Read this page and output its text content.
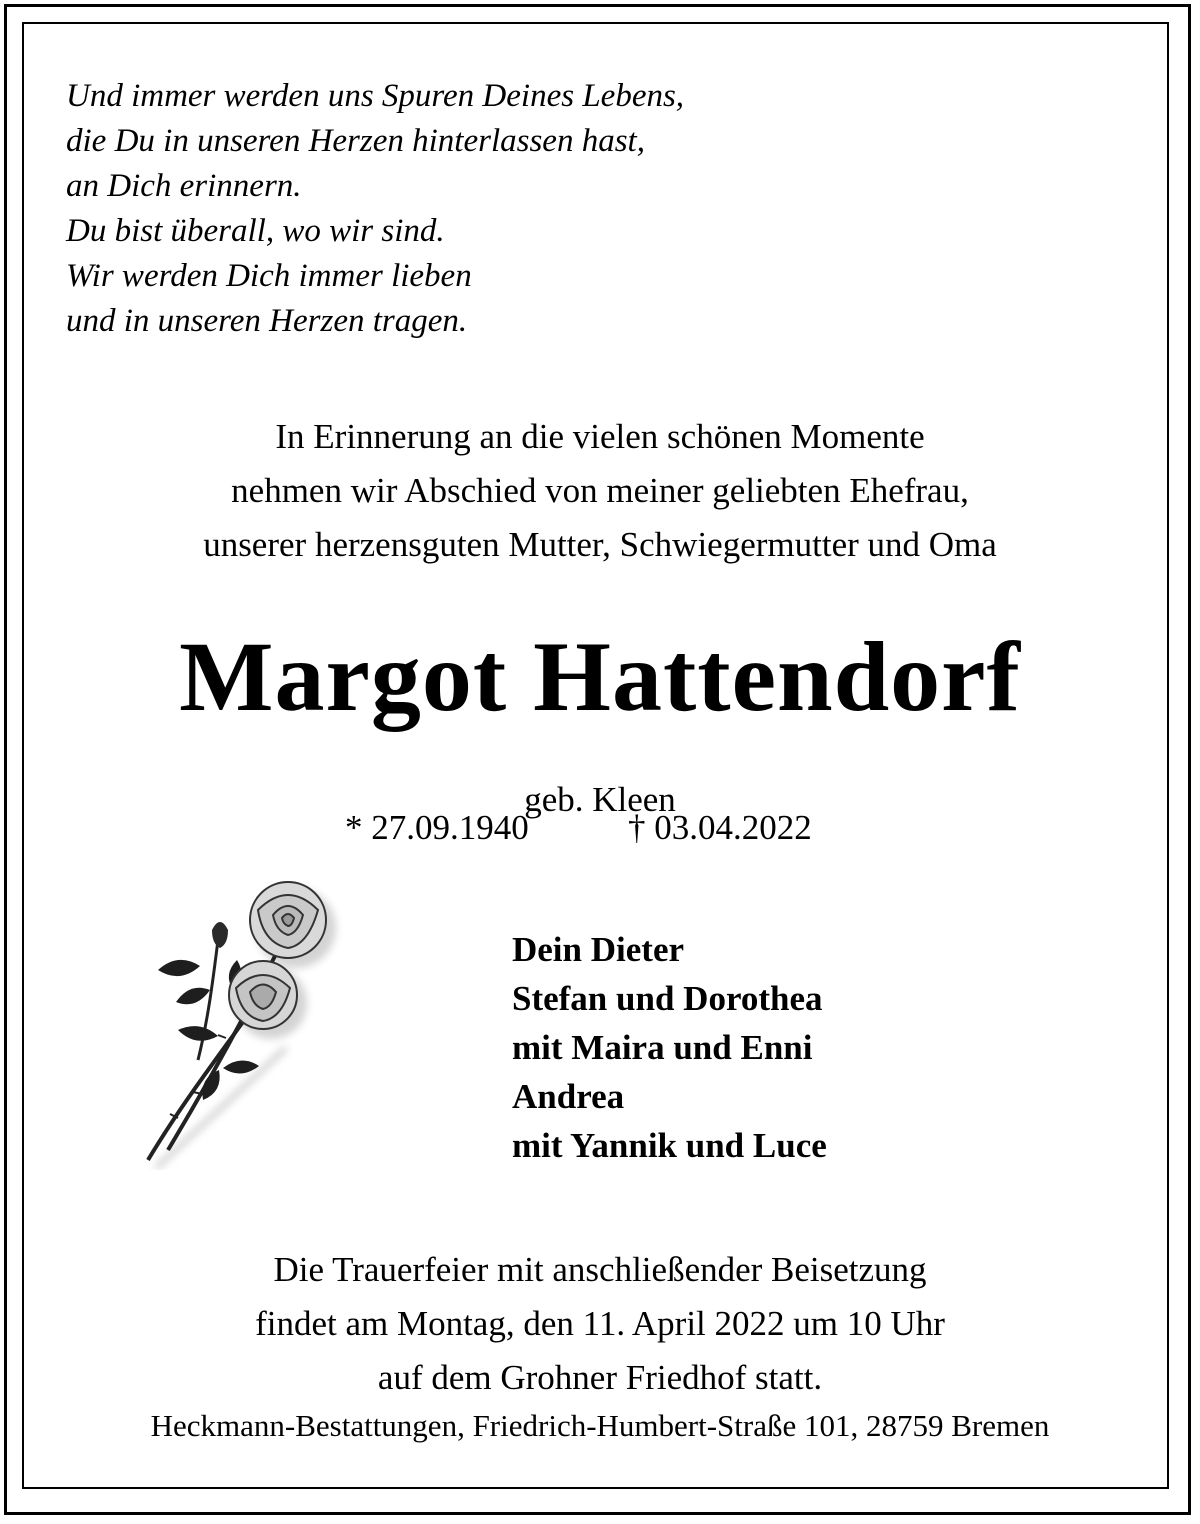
Und immer werden uns Spuren Deines Lebens,
die Du in unseren Herzen hinterlassen hast,
an Dich erinnern.
Du bist überall, wo wir sind.
Wir werden Dich immer lieben
und in unseren Herzen tragen.
In Erinnerung an die vielen schönen Momente
nehmen wir Abschied von meiner geliebten Ehefrau,
unserer herzensguten Mutter, Schwiegermutter und Oma
Margot Hattendorf
geb. Kleen
* 27.09.1940	† 03.04.2022
Dein Dieter
Stefan und Dorothea
mit Maira und Enni
Andrea
mit Yannik und Luce
Die Trauerfeier mit anschließender Beisetzung
findet am Montag, den 11. April 2022 um 10 Uhr
auf dem Grohner Friedhof statt.
Heckmann-Bestattungen, Friedrich-Humbert-Straße 101, 28759 Bremen
